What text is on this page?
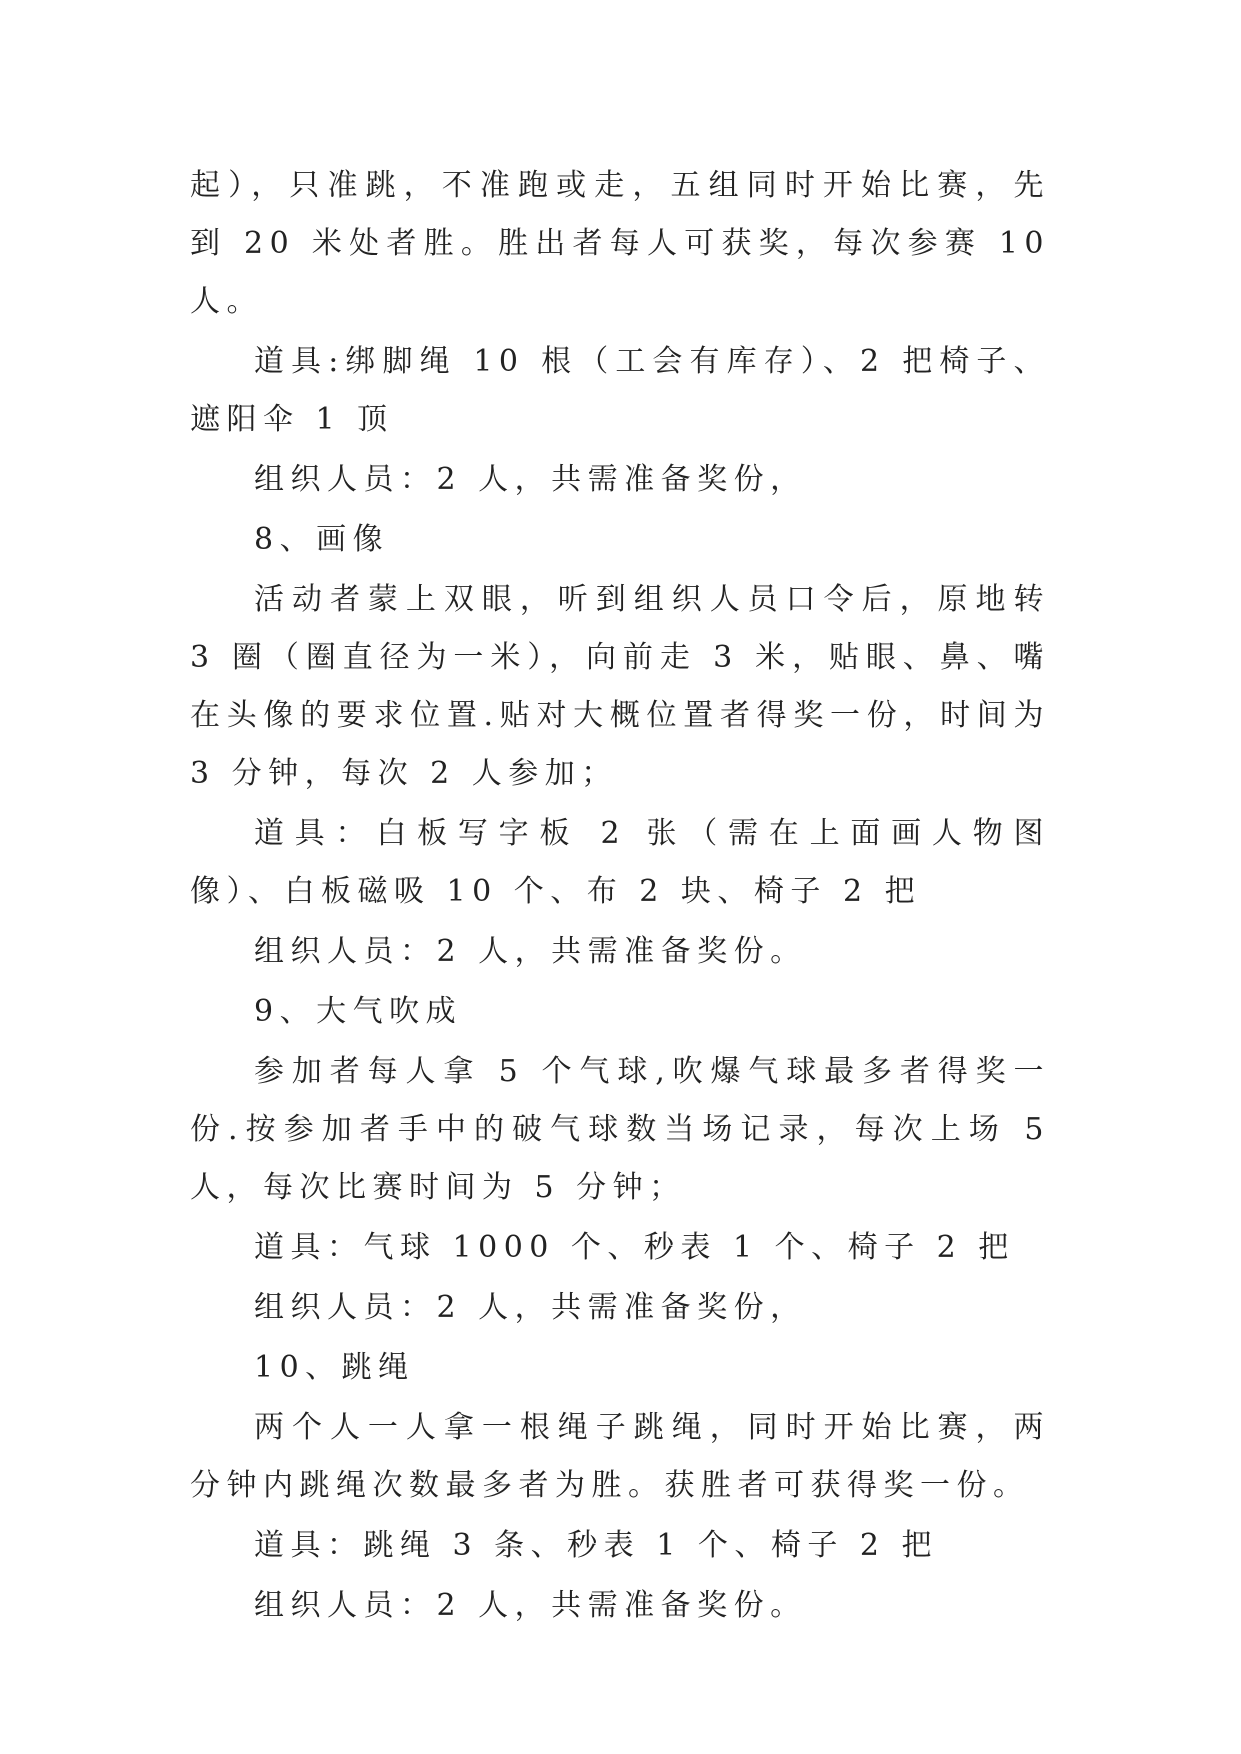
起），只准跳，不准跑或走，五组同时开始比赛，先到 20 米处者胜。胜出者每人可获奖，每次参赛 10 人。

道具:绑脚绳 10 根（工会有库存）、2 把椅子、遮阳伞 1 顶

组织人员：2 人，共需准备奖份，

8、画像

活动者蒙上双眼，听到组织人员口令后，原地转 3 圈（圈直径为一米），向前走 3 米，贴眼、鼻、嘴在头像的要求位置.贴对大概位置者得奖一份，时间为 3 分钟，每次 2 人参加；

道具：白板写字板 2 张（需在上面画人物图像）、白板磁吸 10 个、布 2 块、椅子 2 把

组织人员：2 人，共需准备奖份。

9、大气吹成

参加者每人拿 5 个气球,吹爆气球最多者得奖一份.按参加者手中的破气球数当场记录，每次上场 5 人，每次比赛时间为 5 分钟；

道具：气球 1000 个、秒表 1 个、椅子 2 把

组织人员：2 人，共需准备奖份，

10、跳绳

两个人一人拿一根绳子跳绳，同时开始比赛，两分钟内跳绳次数最多者为胜。获胜者可获得奖一份。

道具：跳绳 3 条、秒表 1 个、椅子 2 把

组织人员：2 人，共需准备奖份。
